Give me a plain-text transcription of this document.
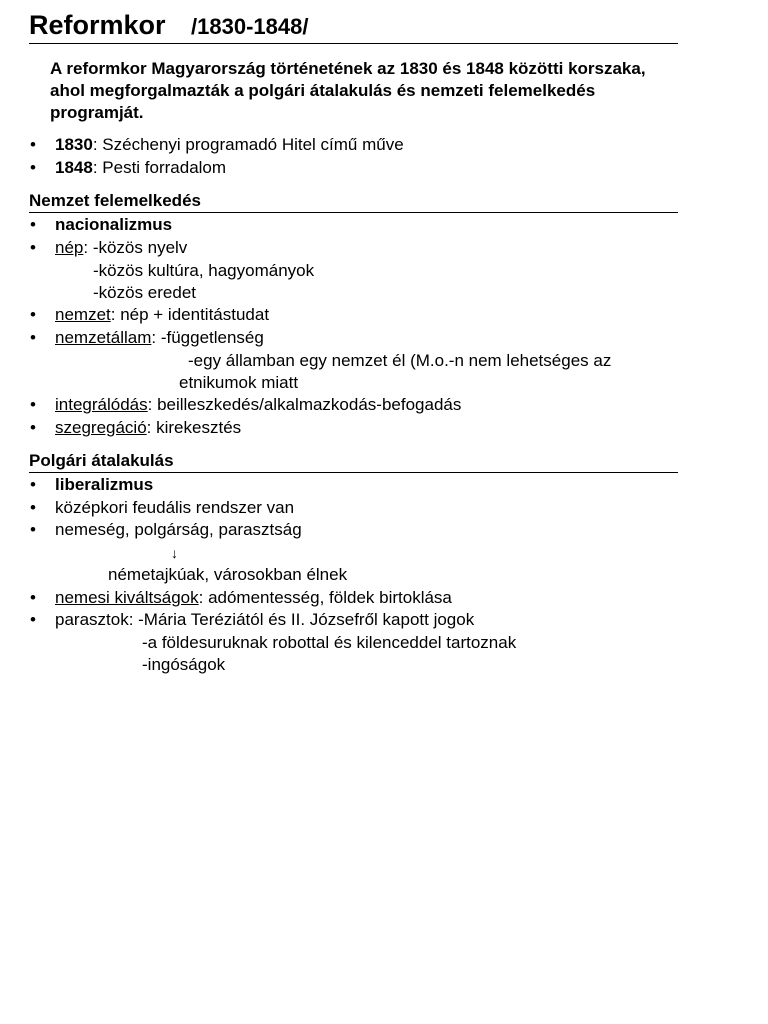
Reformkor /1830-1848/
A reformkor Magyarország történetének az 1830 és 1848 közötti korszaka,
ahol megforgalmazták a polgári átalakulás és nemzeti felemelkedés
programját.
• 1830: Széchenyi programadó Hitel című műve
• 1848: Pesti forradalom
Nemzet felemelkedés
• nacionalizmus
• nép: -közös nyelv
-közös kultúra, hagyományok
-közös eredet
• nemzet: nép + identitástudat
• nemzetállam: -függetlenség
-egy államban egy nemzet él (M.o.-n nem lehetséges az
etnikumok miatt
• integrálódás: beilleszkedés/alkalmazkodás-befogadás
• szegregáció: kirekesztés
Polgári átalakulás
• liberalizmus
• középkori feudális rendszer van
• nemeség, polgárság, parasztság
↓
németajkúak, városokban élnek
• nemesi kiváltságok: adómentesség, földek birtoklása
• parasztok: -Mária Teréziától és II. Józsefről kapott jogok
-a földesuruknak robottal és kilenceddel tartoznak
-ingóságok
